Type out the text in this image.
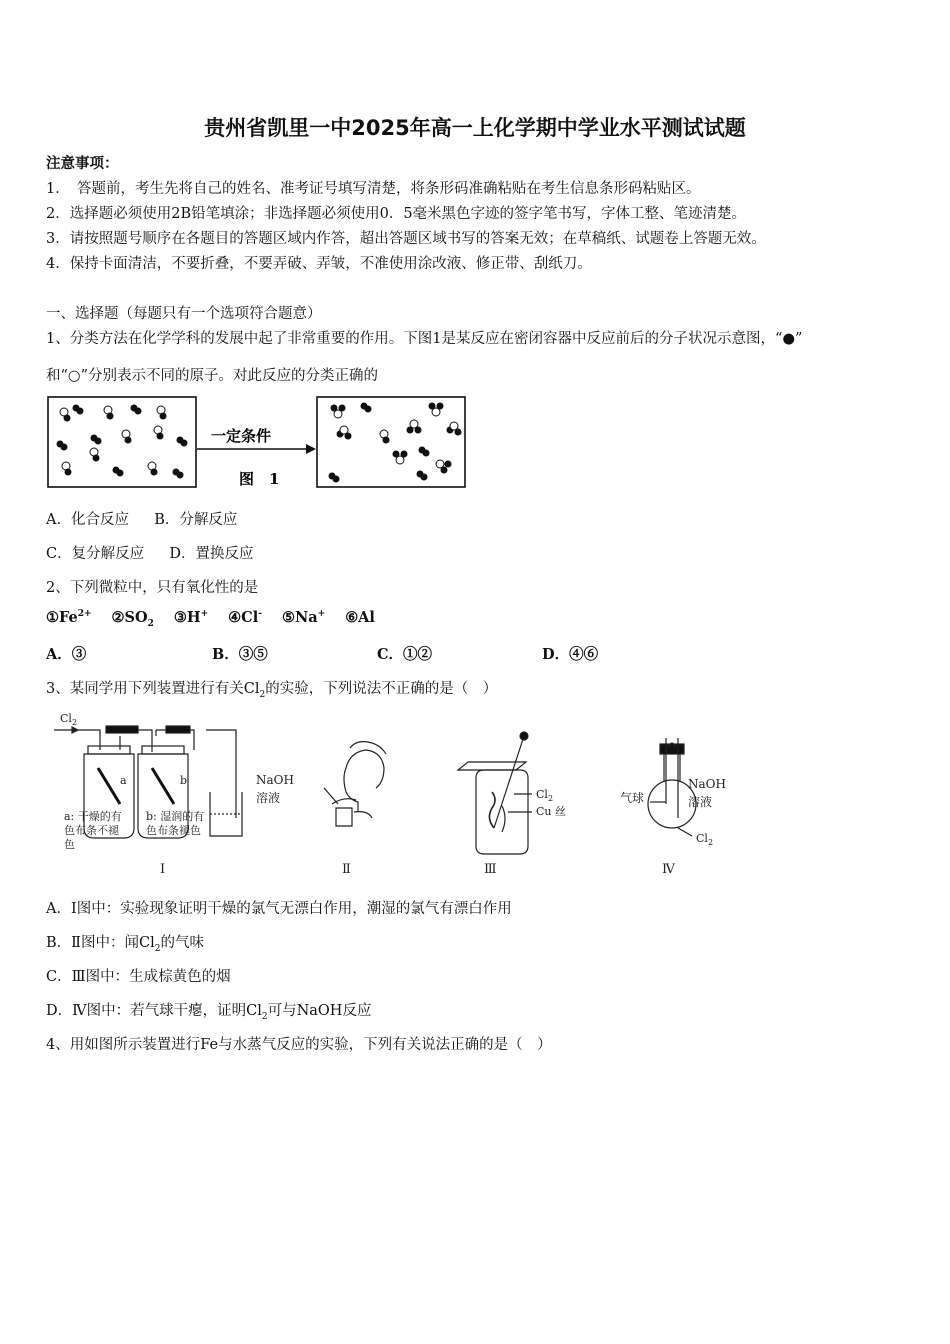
贵州省凯里一中2025年高一上化学期中学业水平测试试题
注意事项：
1．　答题前，考生先将自己的姓名、准考证号填写清楚，将条形码准确粘贴在考生信息条形码粘贴区。
2．选择题必须使用2B铅笔填涂；非选择题必须使用0．5毫米黑色字迹的签字笔书写，字体工整、笔迹清楚。
3．请按照题号顺序在各题目的答题区域内作答，超出答题区域书写的答案无效；在草稿纸、试题卷上答题无效。
4．保持卡面清洁，不要折叠，不要弄破、弄皱，不准使用涂改液、修正带、刮纸刀。
一、选择题（每题只有一个选项符合题意）
1、分类方法在化学学科的发展中起了非常重要的作用。下图1是某反应在密闭容器中反应前后的分子状况示意图，“●”
和“○”分别表示不同的原子。对此反应的分类正确的
一定条件
图　1
A．化合反应 B．分解反应
C．复分解反应 D．置换反应
2、下列微粒中，只有氧化性的是
$①Fe^{2+}$ $②SO_2$ ③H+ ④Cl- ⑤Na+ ⑥Al
A．③	B．③⑤	C．①②	D．④⑥
3、某同学用下列装置进行有关$Cl_2$的实验，下列说法不正确的是（　）
$Cl_2$
a	b	NaOH
溶液
a: 干燥的有
色布条不褪
色
b: 湿润的有
色布条褪色
$Cl_2$
Cu 丝
气球
NaOH
溶液
$Cl_2$
Ⅰ	Ⅱ	Ⅲ	Ⅳ
A．Ⅰ图中：实验现象证明干燥的氯气无漂白作用，潮湿的氯气有漂白作用
B．Ⅱ图中：闻$Cl_2$的气味
C．Ⅲ图中：生成棕黄色的烟
D．Ⅳ图中：若气球干瘪，证明$Cl_2$可与NaOH反应
4、用如图所示装置进行Fe与水蒸气反应的实验，下列有关说法正确的是（　）
